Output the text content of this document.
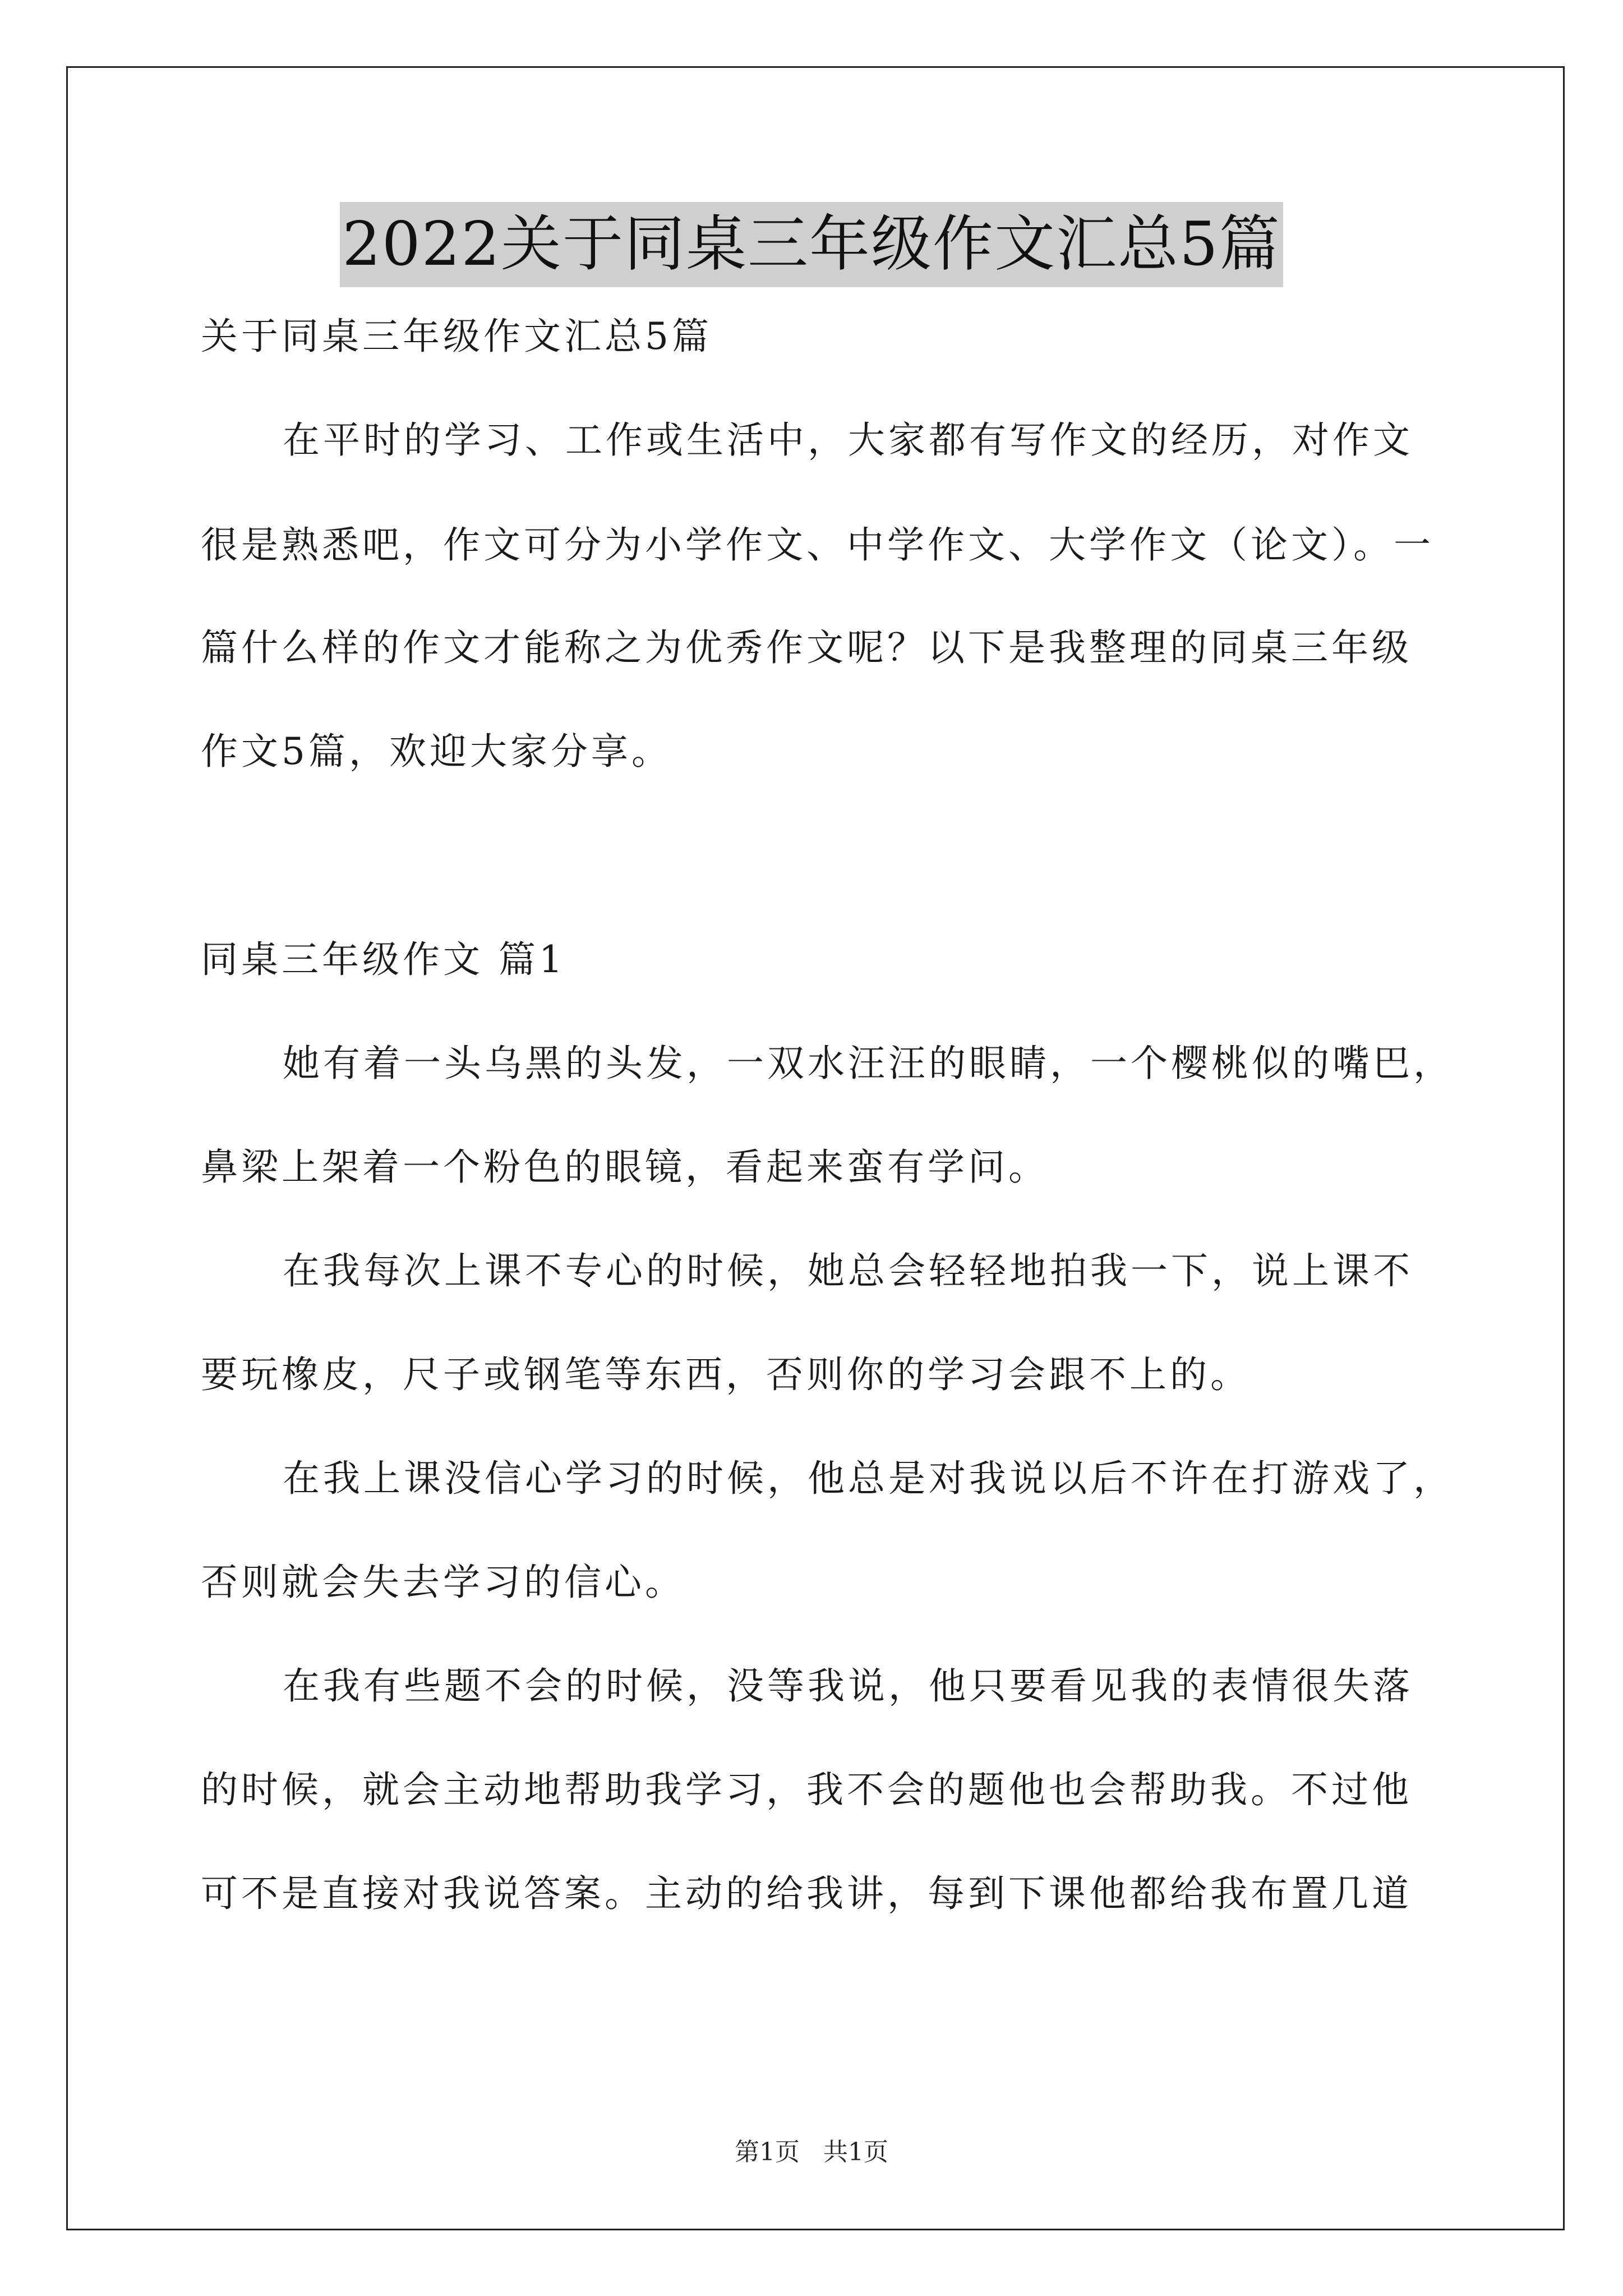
2022关于同桌三年级作文汇总5篇
关于同桌三年级作文汇总5篇
在平时的学习、工作或生活中，大家都有写作文的经历，对作文
很是熟悉吧，作文可分为小学作文、中学作文、大学作文（论文）。一
篇什么样的作文才能称之为优秀作文呢？以下是我整理的同桌三年级
作文5篇，欢迎大家分享。
同桌三年级作文 篇1
她有着一头乌黑的头发，一双水汪汪的眼睛，一个樱桃似的嘴巴，
鼻梁上架着一个粉色的眼镜，看起来蛮有学问。
在我每次上课不专心的时候，她总会轻轻地拍我一下，说上课不
要玩橡皮，尺子或钢笔等东西，否则你的学习会跟不上的。
在我上课没信心学习的时候，他总是对我说以后不许在打游戏了，
否则就会失去学习的信心。
在我有些题不会的时候，没等我说，他只要看见我的表情很失落
的时候，就会主动地帮助我学习，我不会的题他也会帮助我。不过他
可不是直接对我说答案。主动的给我讲，每到下课他都给我布置几道
第1页   共1页
